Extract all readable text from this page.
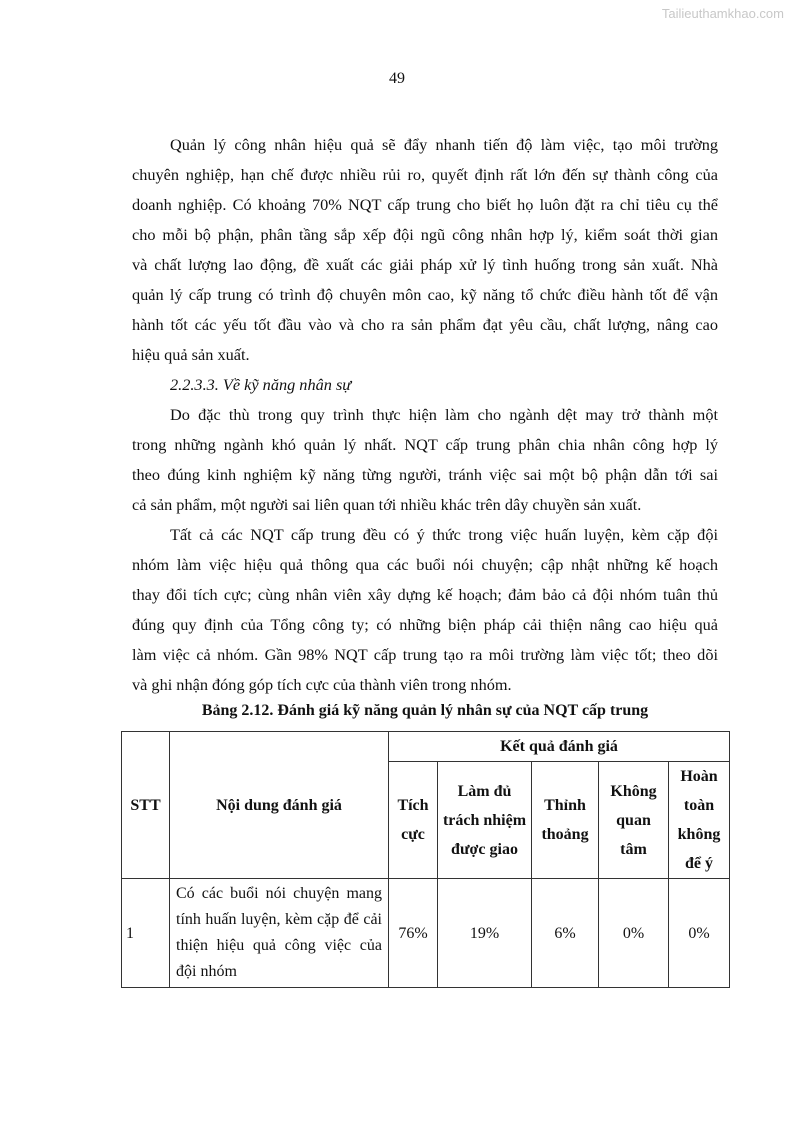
Tailieuthamkhao.com
49
Quản lý công nhân hiệu quả sẽ đẩy nhanh tiến độ làm việc, tạo môi trường
chuyên nghiệp, hạn chế được nhiều rủi ro, quyết định rất lớn đến sự thành công của
doanh nghiệp. Có khoảng 70% NQT cấp trung cho biết họ luôn đặt ra chỉ tiêu cụ thể
cho mỗi bộ phận, phân tầng sắp xếp đội ngũ công nhân hợp lý, kiểm soát thời gian
và chất lượng lao động, đề xuất các giải pháp xử lý tình huống trong sản xuất. Nhà
quản lý cấp trung có trình độ chuyên môn cao, kỹ năng tổ chức điều hành tốt để vận
hành tốt các yếu tốt đầu vào và cho ra sản phẩm đạt yêu cầu, chất lượng, nâng cao
hiệu quả sản xuất.
2.2.3.3. Về kỹ năng nhân sự
Do đặc thù trong quy trình thực hiện làm cho ngành dệt may trở thành một
trong những ngành khó quản lý nhất. NQT cấp trung phân chia nhân công hợp lý
theo đúng kinh nghiệm kỹ năng từng người, tránh việc sai một bộ phận dẫn tới sai
cả sản phẩm, một người sai liên quan tới nhiều khác trên dây chuyền sản xuất.
Tất cả các NQT cấp trung đều có ý thức trong việc huấn luyện, kèm cặp đội
nhóm làm việc hiệu quả thông qua các buổi nói chuyện; cập nhật những kế hoạch
thay đổi tích cực; cùng nhân viên xây dựng kế hoạch; đảm bảo cả đội nhóm tuân thủ
đúng quy định của Tổng công ty; có những biện pháp cải thiện nâng cao hiệu quả
làm việc cả nhóm. Gần 98% NQT cấp trung tạo ra môi trường làm việc tốt; theo dõi
và ghi nhận đóng góp tích cực của thành viên trong nhóm.
Bảng 2.12. Đánh giá kỹ năng quản lý nhân sự của NQT cấp trung
STT	Nội dung đánh giá	Kết quả đánh giá				
		Tích cực	Làm đủ trách nhiệm được giao	Thỉnh thoảng	Không quan tâm	Hoàn toàn không để ý
1	Có các buổi nói chuyện mang tính huấn luyện, kèm cặp để cải thiện hiệu quả công việc của đội nhóm	76%	19%	6%	0%	0%
